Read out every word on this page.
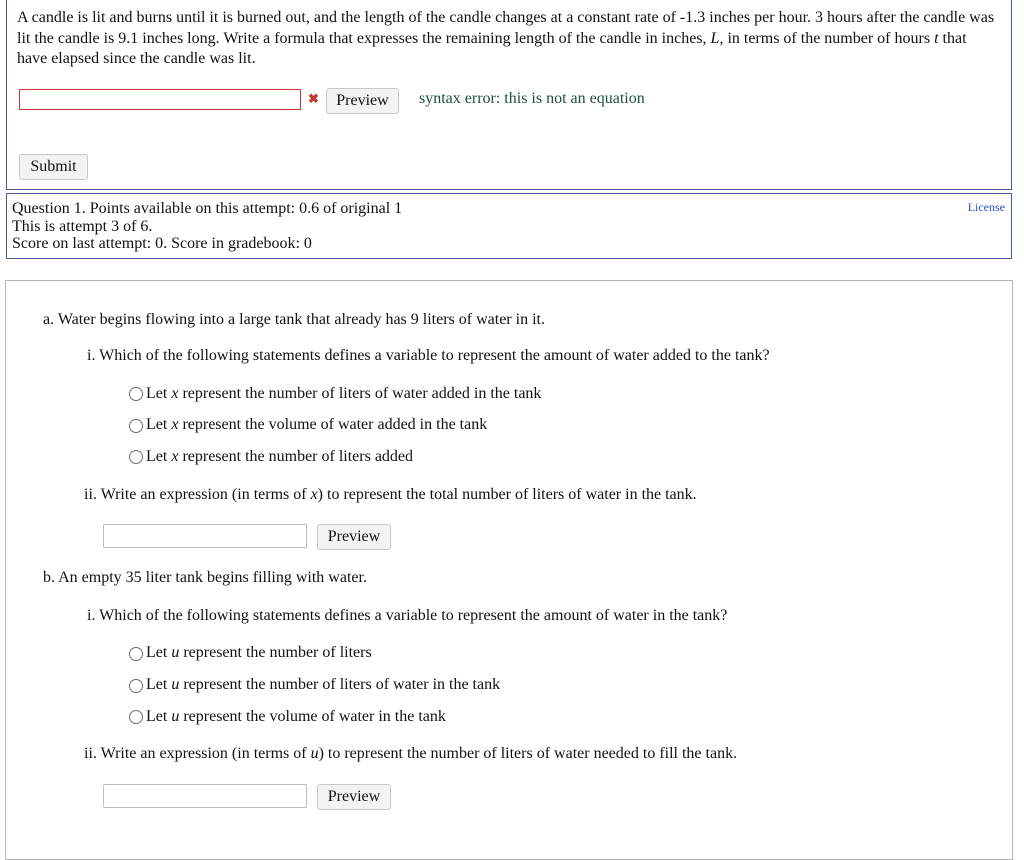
A candle is lit and burns until it is burned out, and the length of the candle changes at a constant rate of -1.3 inches per hour. 3 hours after the candle was lit the candle is 9.1 inches long. Write a formula that expresses the remaining length of the candle in inches, L, in terms of the number of hours t that have elapsed since the candle was lit.
✖	Preview	syntax error: this is not an equation
Submit
Question 1. Points available on this attempt: 0.6 of original 1
This is attempt 3 of 6.
Score on last attempt: 0. Score in gradebook: 0
License
a. Water begins flowing into a large tank that already has 9 liters of water in it.
i. Which of the following statements defines a variable to represent the amount of water added to the tank?
Let x represent the number of liters of water added in the tank
Let x represent the volume of water added in the tank
Let x represent the number of liters added
ii. Write an expression (in terms of x) to represent the total number of liters of water in the tank.
Preview
b. An empty 35 liter tank begins filling with water.
i. Which of the following statements defines a variable to represent the amount of water in the tank?
Let u represent the number of liters
Let u represent the number of liters of water in the tank
Let u represent the volume of water in the tank
ii. Write an expression (in terms of u) to represent the number of liters of water needed to fill the tank.
Preview
